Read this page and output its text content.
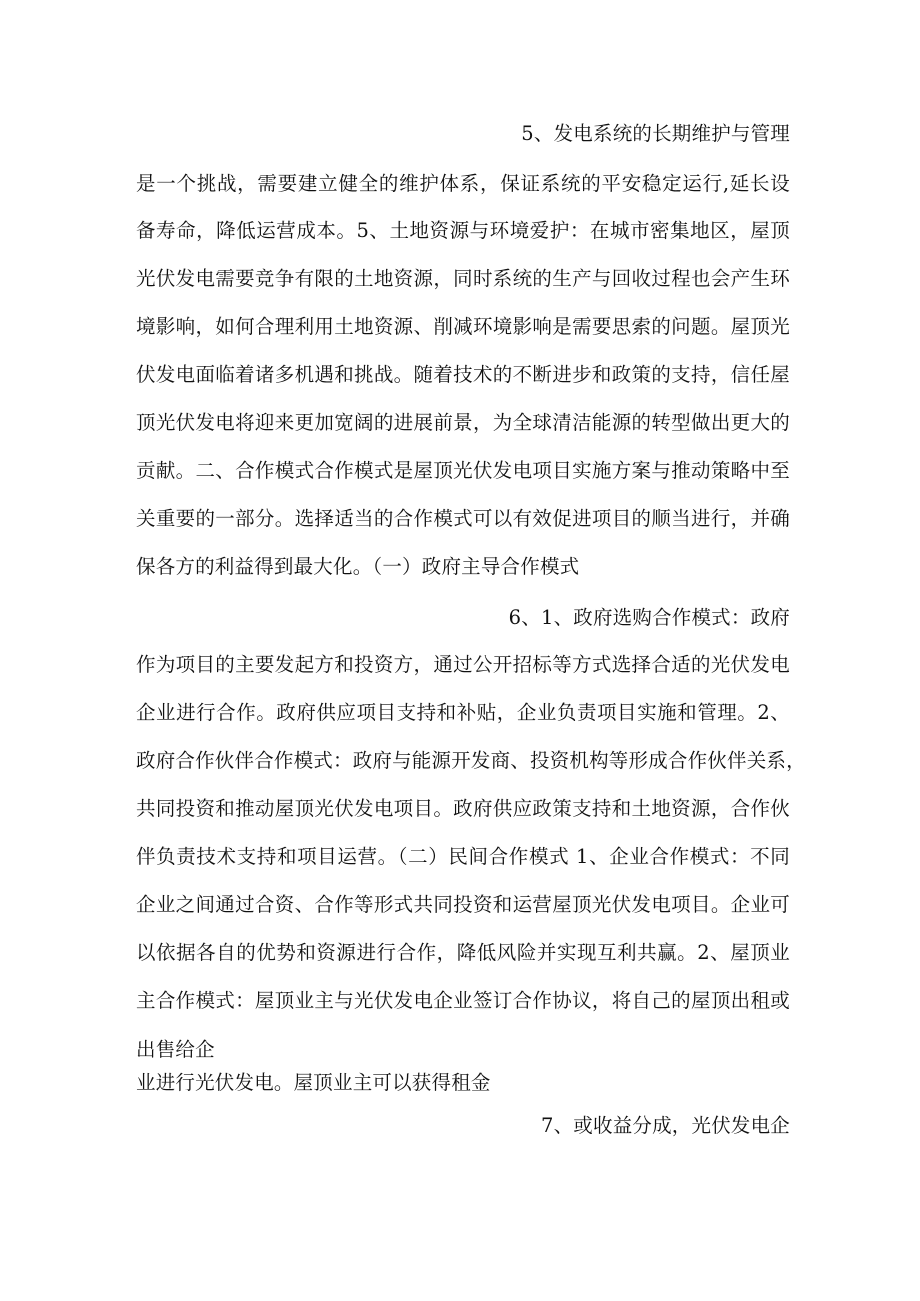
5、发电系统的长期维护与管理
是一个挑战，需要建立健全的维护体系，保证系统的平安稳定运行,延长设
备寿命，降低运营成本。5、土地资源与环境爱护：在城市密集地区，屋顶
光伏发电需要竞争有限的土地资源，同时系统的生产与回收过程也会产生环
境影响，如何合理利用土地资源、削减环境影响是需要思索的问题。屋顶光
伏发电面临着诸多机遇和挑战。随着技术的不断进步和政策的支持，信任屋
顶光伏发电将迎来更加宽阔的进展前景，为全球清洁能源的转型做出更大的
贡献。二、合作模式合作模式是屋顶光伏发电项目实施方案与推动策略中至
关重要的一部分。选择适当的合作模式可以有效促进项目的顺当进行，并确
保各方的利益得到最大化。（一）政府主导合作模式
6、1、政府选购合作模式：政府
作为项目的主要发起方和投资方，通过公开招标等方式选择合适的光伏发电
企业进行合作。政府供应项目支持和补贴，企业负责项目实施和管理。2、
政府合作伙伴合作模式：政府与能源开发商、投资机构等形成合作伙伴关系，
共同投资和推动屋顶光伏发电项目。政府供应政策支持和土地资源，合作伙
伴负责技术支持和项目运营。（二）民间合作模式 1、企业合作模式：不同
企业之间通过合资、合作等形式共同投资和运营屋顶光伏发电项目。企业可
以依据各自的优势和资源进行合作，降低风险并实现互利共赢。2、屋顶业
主合作模式：屋顶业主与光伏发电企业签订合作协议，将自己的屋顶出租或
出售给企
业进行光伏发电。屋顶业主可以获得租金
7、或收益分成，光伏发电企
